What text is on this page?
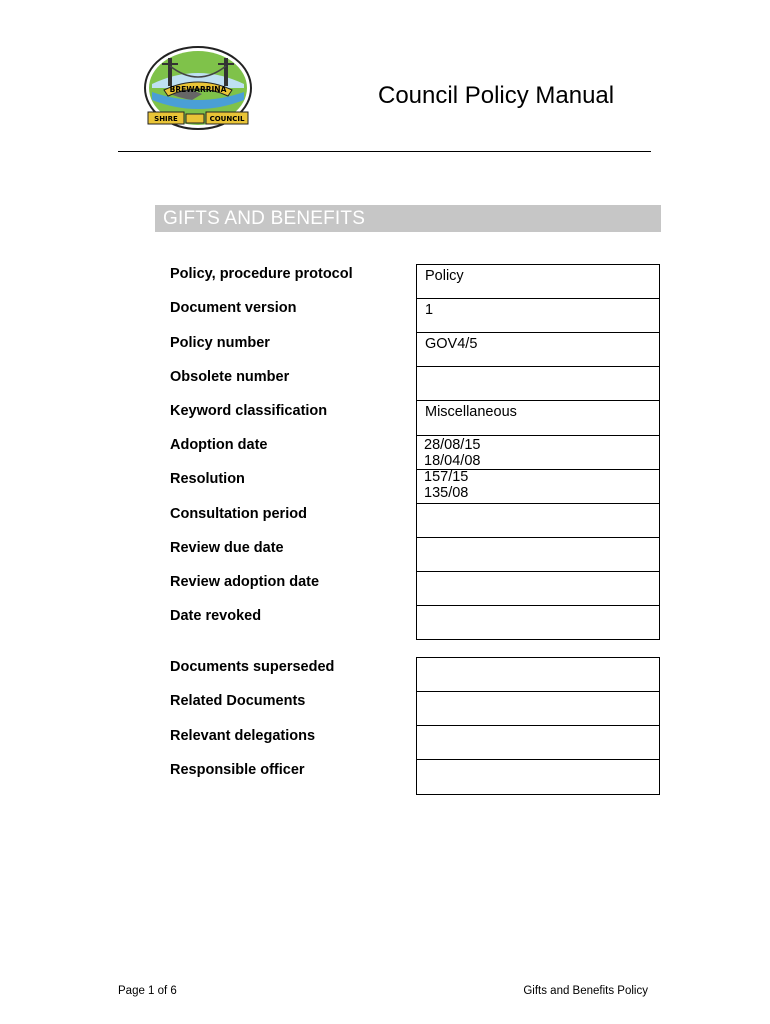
BREWARRINA
SHIRE	COUNCIL
Council Policy Manual
GIFTS AND BENEFITS
Policy, procedure protocol
Document version
Policy number
Obsolete number
Keyword classification
Adoption date
Resolution
Consultation period
Review due date
Review adoption date
Date revoked
Policy
1
GOV4/5
Miscellaneous
28/08/15
18/04/08
157/15
135/08
Documents superseded
Related Documents
Relevant delegations
Responsible officer
Page 1 of 6	Gifts and Benefits Policy
